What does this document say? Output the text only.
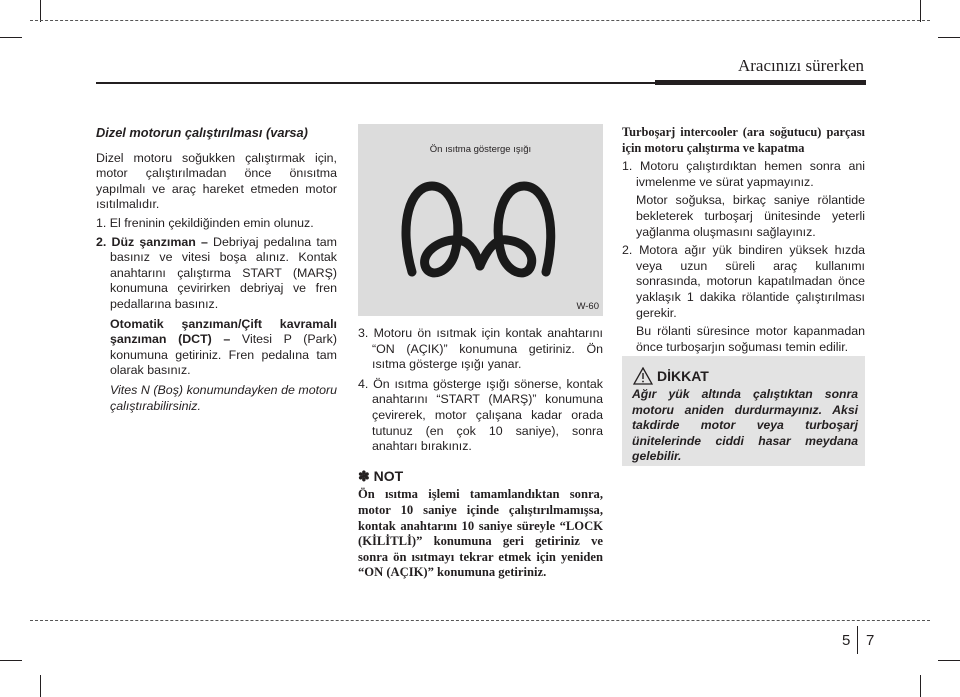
Aracınızı sürerken

Dizel motorun çalıştırılması (varsa)

Dizel motoru soğukken çalıştırmak için, motor çalıştırılmadan önce önısıtma yapılmalı ve araç hareket etmeden motor ısıtılmalıdır.

1. El freninin çekildiğinden emin olunuz.

2. Düz şanzıman – Debriyaj pedalına tam basınız ve vitesi boşa alınız. Kontak anahtarını çalıştırma START (MARŞ) konumuna çevirirken debriyaj ve fren pedallarına basınız.

Otomatik şanzıman/Çift kavramalı şanzıman (DCT) – Vitesi P (Park) konumuna getiriniz. Fren pedalına tam olarak basınız.

Vites N (Boş) konumundayken de motoru çalıştırabilirsiniz.

Ön ısıtma gösterge ışığı
W-60

3. Motoru ön ısıtmak için kontak anahtarını “ON (AÇIK)” konumuna getiriniz. Ön ısıtma gösterge ışığı yanar.

4. Ön ısıtma gösterge ışığı sönerse, kontak anahtarını “START (MARŞ)” konumuna çevirerek, motor çalışana kadar orada tutunuz (en çok 10 saniye), sonra anahtarı bırakınız.

✽ NOT

Ön ısıtma işlemi tamamlandıktan sonra, motor 10 saniye içinde çalıştırılmamışsa, kontak anahtarını 10 saniye süreyle “LOCK (KİLİTLİ)” konumuna geri getiriniz ve sonra ön ısıtmayı tekrar etmek için yeniden “ON (AÇIK)” konumuna getiriniz.

Turboşarj intercooler (ara soğutucu) parçası için motoru çalıştırma ve kapatma

1. Motoru çalıştırdıktan hemen sonra ani ivmelenme ve sürat yapmayınız.

Motor soğuksa, birkaç saniye rölantide bekleterek turboşarj ünitesinde yeterli yağlanma oluşmasını sağlayınız.

2. Motora ağır yük bindiren yüksek hızda veya uzun süreli araç kullanımı sonrasında, motorun kapatılmadan önce yaklaşık 1 dakika rölantide çalıştırılması gerekir.

Bu rölanti süresince motor kapanmadan önce turboşarjın soğuması temin edilir.

DİKKAT
Ağır yük altında çalıştıktan sonra motoru aniden durdurmayınız. Aksi takdirde motor veya turboşarj ünitelerinde ciddi hasar meydana gelebilir.
5 7
